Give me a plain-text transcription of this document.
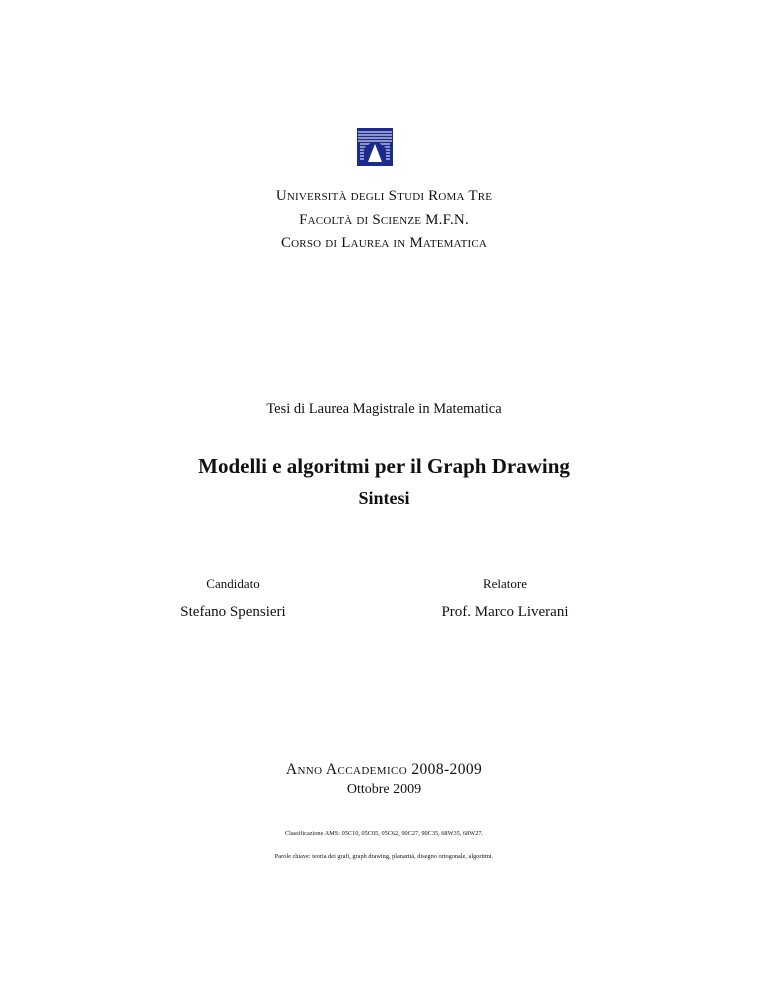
Università degli Studi Roma Tre
Facoltà di Scienze M.F.N.
Corso di Laurea in Matematica
Tesi di Laurea Magistrale in Matematica
Modelli e algoritmi per il Graph Drawing
Sintesi
Candidato
Stefano Spensieri
Relatore
Prof. Marco Liverani
Anno Accademico 2008-2009
Ottobre 2009
Classificazione AMS: 05C10, 05C05, 05C62, 90C27, 90C35, 68W35, 68W27.
Parole chiave: teoria dei grafi, graph drawing, planarità, disegno ortogonale, algoritmi.
